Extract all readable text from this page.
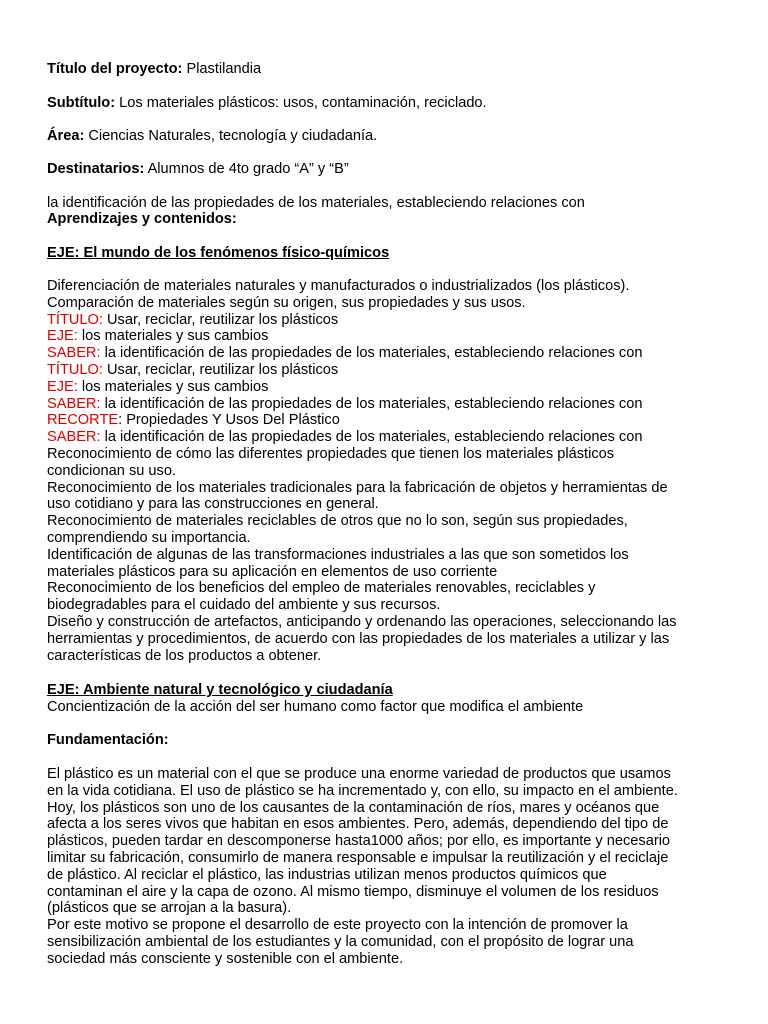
Título del proyecto: Plastilandia

Subtítulo: Los materiales plásticos: usos, contaminación, reciclado.

Área: Ciencias Naturales, tecnología y ciudadanía.

Destinatarios: Alumnos de 4to grado “A” y “B”

la identificación de las propiedades de los materiales, estableciendo relaciones con

Aprendizajes y contenidos:

EJE: El mundo de los fenómenos físico-químicos

Diferenciación de materiales naturales y manufacturados o industrializados (los plásticos).
Comparación de materiales según su origen, sus propiedades y sus usos.
TÍTULO: Usar, reciclar, reutilizar los plásticos
EJE: los materiales y sus cambios
SABER: la identificación de las propiedades de los materiales, estableciendo relaciones con
TÍTULO: Usar, reciclar, reutilizar los plásticos
EJE: los materiales y sus cambios
SABER: la identificación de las propiedades de los materiales, estableciendo relaciones con
RECORTE: Propiedades Y Usos Del Plástico
SABER: la identificación de las propiedades de los materiales, estableciendo relaciones con
Reconocimiento de cómo las diferentes propiedades que tienen los materiales plásticos
condicionan su uso.
Reconocimiento de los materiales tradicionales para la fabricación de objetos y herramientas de
uso cotidiano y para las construcciones en general.
Reconocimiento de materiales reciclables de otros que no lo son, según sus propiedades,
comprendiendo su importancia.
Identificación de algunas de las transformaciones industriales a las que son sometidos los
materiales plásticos para su aplicación en elementos de uso corriente
Reconocimiento de los beneficios del empleo de materiales renovables, reciclables y
biodegradables para el cuidado del ambiente y sus recursos.
Diseño y construcción de artefactos, anticipando y ordenando las operaciones, seleccionando las
herramientas y procedimientos, de acuerdo con las propiedades de los materiales a utilizar y las
características de los productos a obtener.

EJE: Ambiente natural y tecnológico y ciudadanía

Concientización de la acción del ser humano como factor que modifica el ambiente

Fundamentación:

El plástico es un material con el que se produce una enorme variedad de productos que usamos
en la vida cotidiana. El uso de plástico se ha incrementado y, con ello, su impacto en el ambiente.
Hoy, los plásticos son uno de los causantes de la contaminación de ríos, mares y océanos que
afecta a los seres vivos que habitan en esos ambientes. Pero, además, dependiendo del tipo de
plásticos, pueden tardar en descomponerse hasta1000 años; por ello, es importante y necesario
limitar su fabricación, consumirlo de manera responsable e impulsar la reutilización y el reciclaje
de plástico. Al reciclar el plástico, las industrias utilizan menos productos químicos que
contaminan el aire y la capa de ozono. Al mismo tiempo, disminuye el volumen de los residuos
(plásticos que se arrojan a la basura).
Por este motivo se propone el desarrollo de este proyecto con la intención de promover la
sensibilización ambiental de los estudiantes y la comunidad, con el propósito de lograr una
sociedad más consciente y sostenible con el ambiente.
